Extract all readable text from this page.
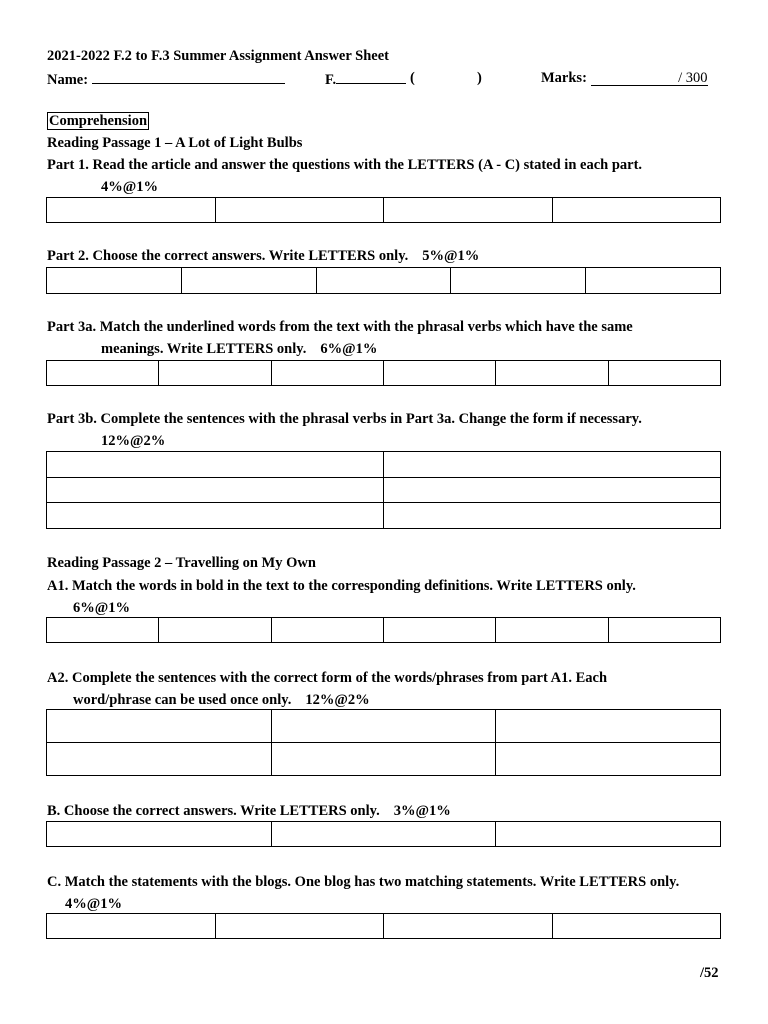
2021-2022 F.2 to F.3 Summer Assignment Answer Sheet
Name:	F.	(	)	Marks:	/ 300
Comprehension
Reading Passage 1 – A Lot of Light Bulbs
Part 1. Read the article and answer the questions with the LETTERS (A - C) stated in each part.
4%@1%

Part 2. Choose the correct answers. Write LETTERS only. 5%@1%

Part 3a. Match the underlined words from the text with the phrasal verbs which have the same
meanings. Write LETTERS only. 6%@1%

Part 3b. Complete the sentences with the phrasal verbs in Part 3a. Change the form if necessary.
12%@2%

Reading Passage 2 – Travelling on My Own
A1. Match the words in bold in the text to the corresponding definitions. Write LETTERS only.
6%@1%

A2. Complete the sentences with the correct form of the words/phrases from part A1. Each
word/phrase can be used once only. 12%@2%

B. Choose the correct answers. Write LETTERS only. 3%@1%

C. Match the statements with the blogs. One blog has two matching statements. Write LETTERS only.
4%@1%

/52
